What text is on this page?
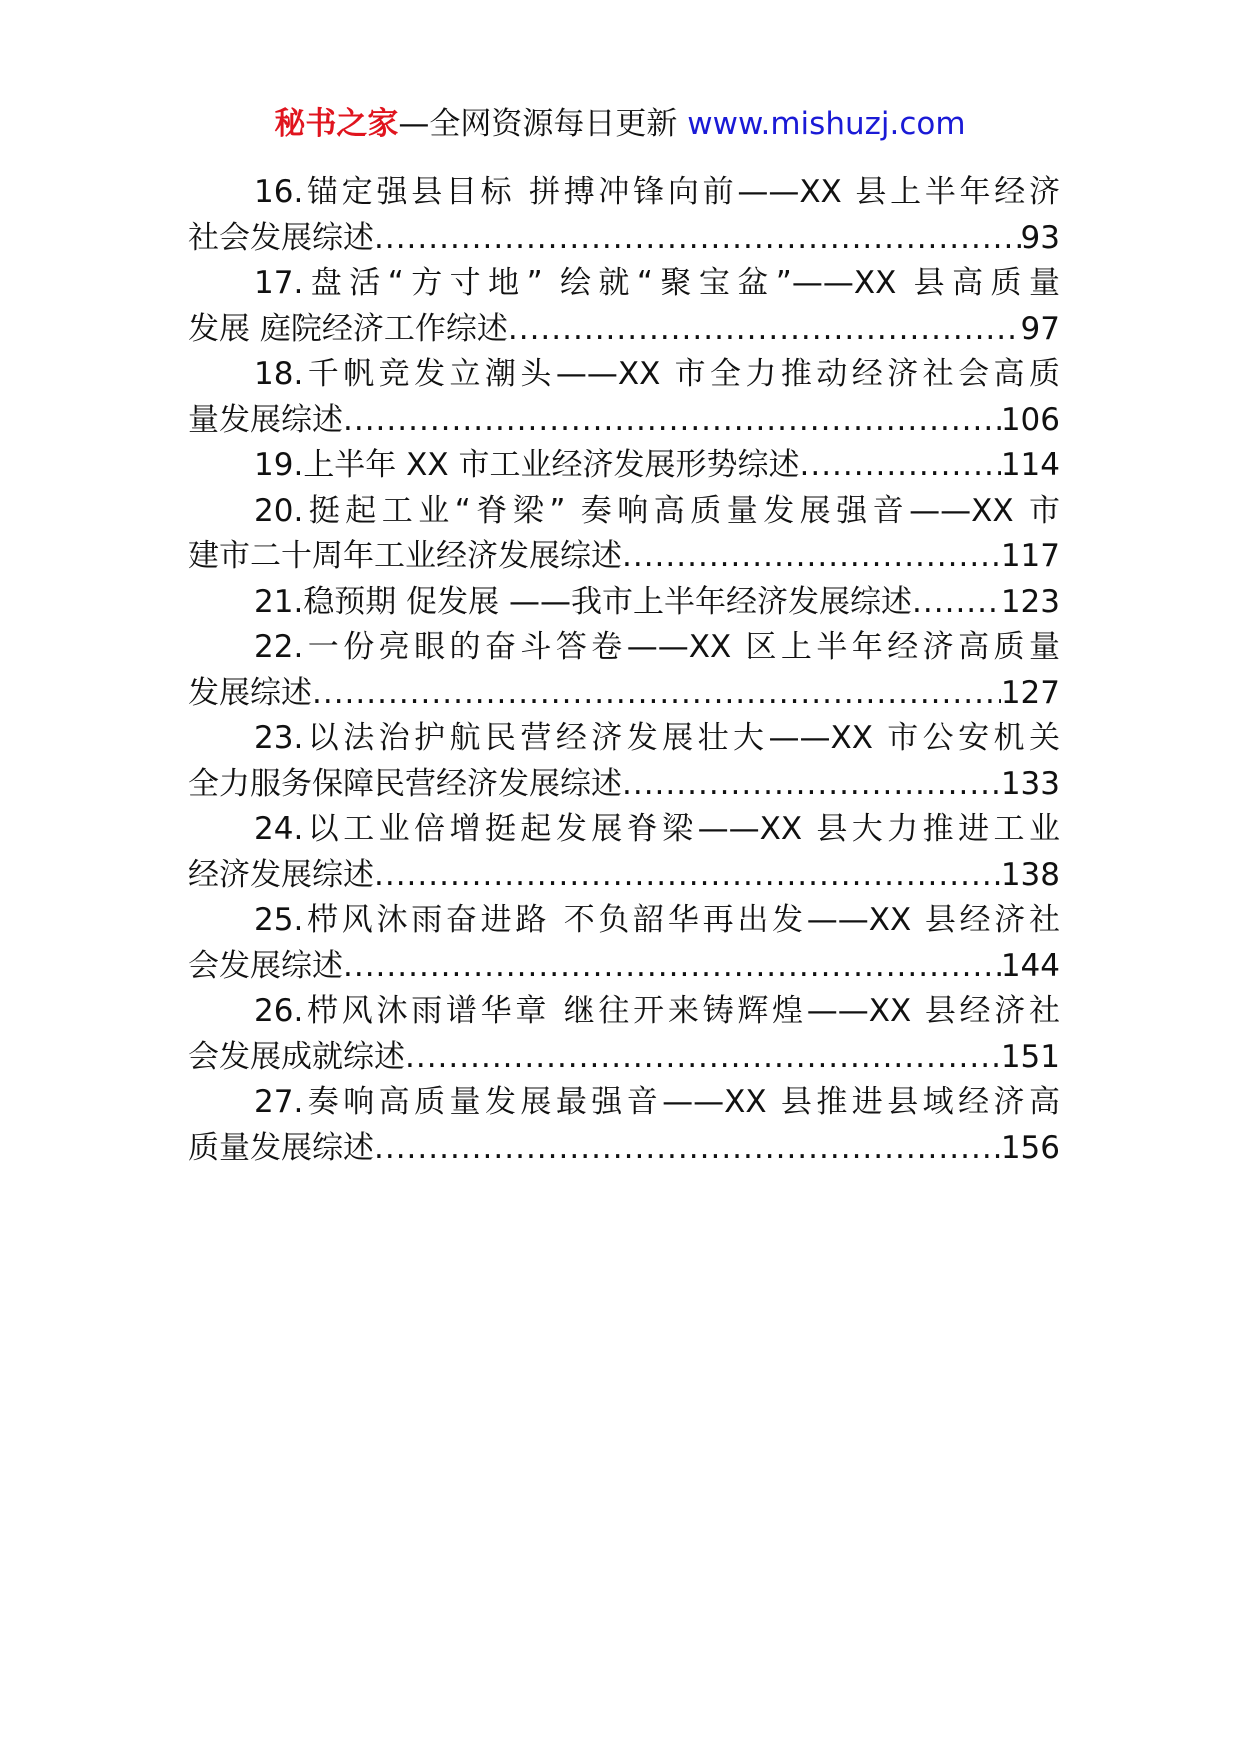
秘书之家—全网资源每日更新 www.mishuzj.com
16.锚定强县目标 拼搏冲锋向前——XX 县上半年经济
社会发展综述 .....	93
17.盘活“方寸地” 绘就“聚宝盆”——XX 县高质量
发展 庭院经济工作综述 .....	97
18.千帆竞发立潮头——XX 市全力推动经济社会高质
量发展综述 .....	106
19.上半年 XX 市工业经济发展形势综述 .....	114
20.挺起工业“脊梁” 奏响高质量发展强音——XX 市
建市二十周年工业经济发展综述 .....	117
21.稳预期 促发展 ——我市上半年经济发展综述 .....	123
22.一份亮眼的奋斗答卷——XX 区上半年经济高质量
发展综述 .....	127
23.以法治护航民营经济发展壮大——XX 市公安机关
全力服务保障民营经济发展综述 .....	133
24.以工业倍增挺起发展脊梁——XX 县大力推进工业
经济发展综述 .....	138
25.栉风沐雨奋进路 不负韶华再出发——XX 县经济社
会发展综述 .....	144
26.栉风沐雨谱华章 继往开来铸辉煌——XX 县经济社
会发展成就综述 .....	151
27.奏响高质量发展最强音——XX 县推进县域经济高
质量发展综述 .....	156
